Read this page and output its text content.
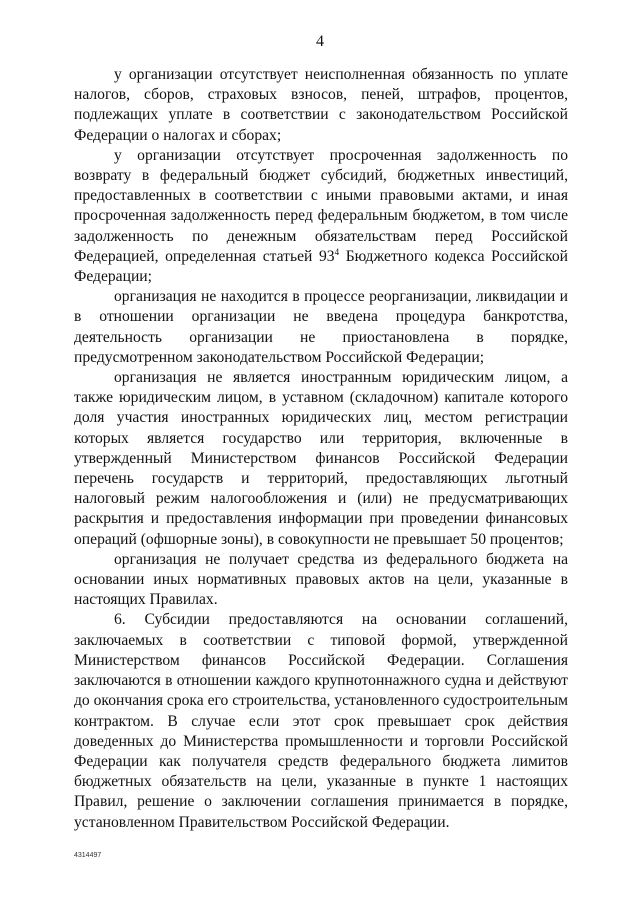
4

у организации отсутствует неисполненная обязанность по уплате налогов, сборов, страховых взносов, пеней, штрафов, процентов, подлежащих уплате в соответствии с законодательством Российской Федерации о налогах и сборах;

у организации отсутствует просроченная задолженность по возврату в федеральный бюджет субсидий, бюджетных инвестиций, предоставленных в соответствии с иными правовыми актами, и иная просроченная задолженность перед федеральным бюджетом, в том числе задолженность по денежным обязательствам перед Российской Федерацией, определенная статьей $93^4$ Бюджетного кодекса Российской Федерации;

организация не находится в процессе реорганизации, ликвидации и в отношении организации не введена процедура банкротства, деятельность организации не приостановлена в порядке, предусмотренном законодательством Российской Федерации;

организация не является иностранным юридическим лицом, а также юридическим лицом, в уставном (складочном) капитале которого доля участия иностранных юридических лиц, местом регистрации которых является государство или территория, включенные в утвержденный Министерством финансов Российской Федерации перечень государств и территорий, предоставляющих льготный налоговый режим налогообложения и (или) не предусматривающих раскрытия и предоставления информации при проведении финансовых операций (офшорные зоны), в совокупности не превышает 50 процентов;

организация не получает средства из федерального бюджета на основании иных нормативных правовых актов на цели, указанные в настоящих Правилах.

6. Субсидии предоставляются на основании соглашений, заключаемых в соответствии с типовой формой, утвержденной Министерством финансов Российской Федерации. Соглашения заключаются в отношении каждого крупнотоннажного судна и действуют до окончания срока его строительства, установленного судостроительным контрактом. В случае если этот срок превышает срок действия доведенных до Министерства промышленности и торговли Российской Федерации как получателя средств федерального бюджета лимитов бюджетных обязательств на цели, указанные в пункте 1 настоящих Правил, решение о заключении соглашения принимается в порядке, установленном Правительством Российской Федерации.

4314497
